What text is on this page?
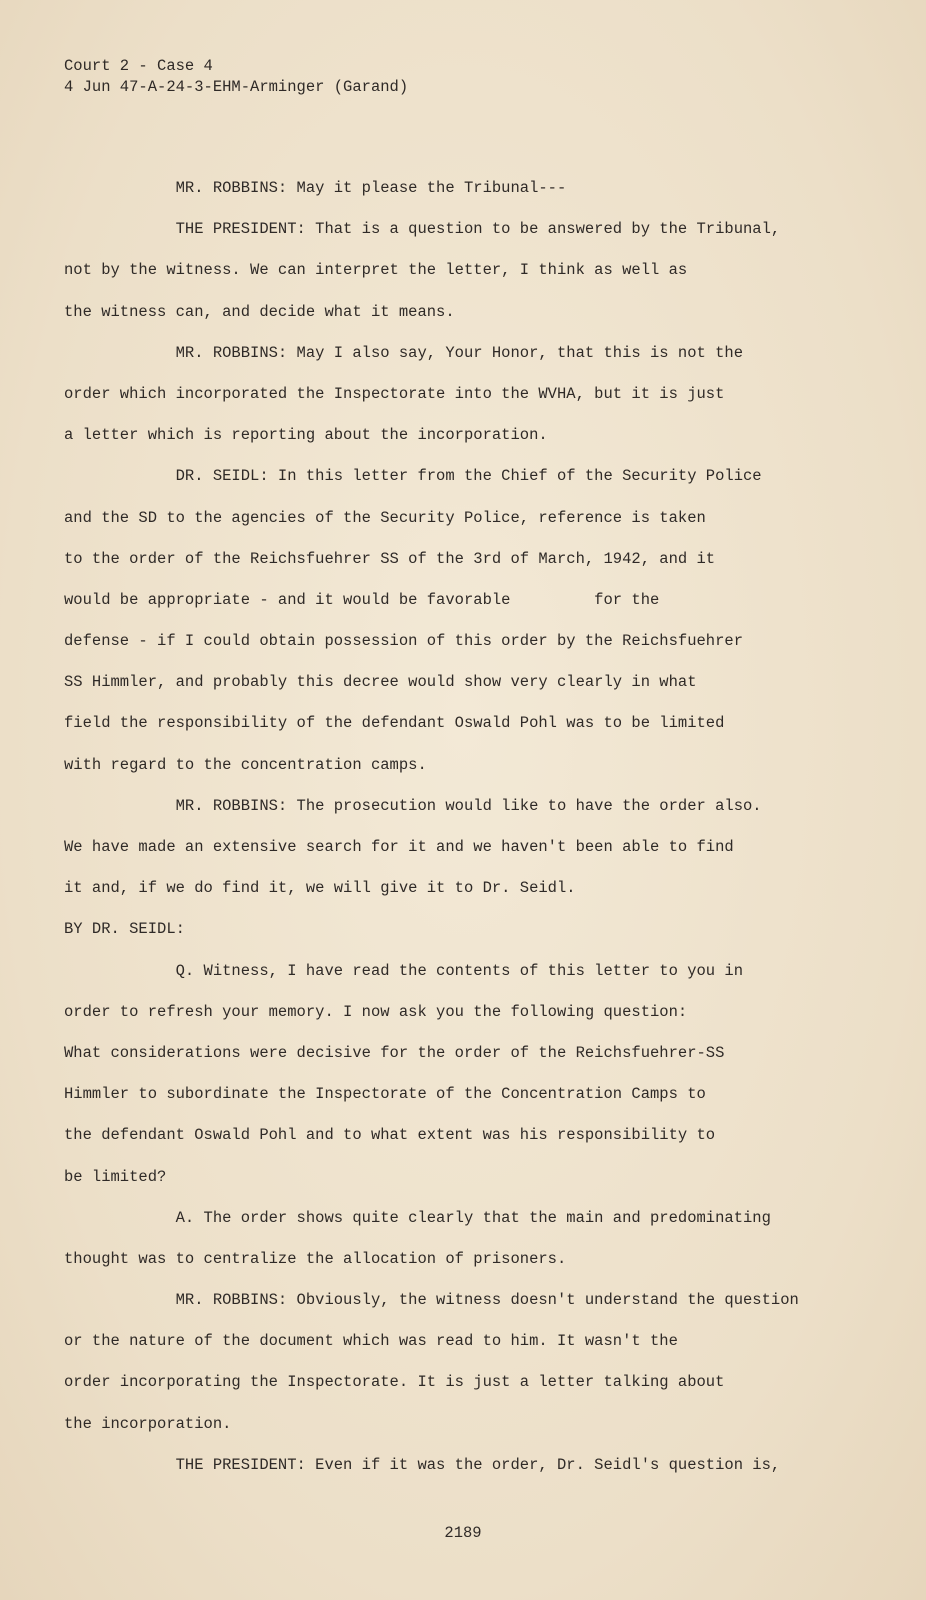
Court 2 - Case 4
4 Jun 47-A-24-3-EHM-Arminger (Garand)
MR. ROBBINS: May it please the Tribunal---
THE PRESIDENT: That is a question to be answered by the Tribunal,
not by the witness. We can interpret the letter, I think as well as
the witness can, and decide what it means.
MR. ROBBINS: May I also say, Your Honor, that this is not the
order which incorporated the Inspectorate into the WVHA, but it is just
a letter which is reporting about the incorporation.
DR. SEIDL: In this letter from the Chief of the Security Police
and the SD to the agencies of the Security Police, reference is taken
to the order of the Reichsfuehrer SS of the 3rd of March, 1942, and it
would be appropriate - and it would be favorable         for the
defense - if I could obtain possession of this order by the Reichsfuehrer
SS Himmler, and probably this decree would show very clearly in what
field the responsibility of the defendant Oswald Pohl was to be limited
with regard to the concentration camps.
MR. ROBBINS: The prosecution would like to have the order also.
We have made an extensive search for it and we haven't been able to find
it and, if we do find it, we will give it to Dr. Seidl.
BY DR. SEIDL:
Q. Witness, I have read the contents of this letter to you in
order to refresh your memory. I now ask you the following question:
What considerations were decisive for the order of the Reichsfuehrer-SS
Himmler to subordinate the Inspectorate of the Concentration Camps to
the defendant Oswald Pohl and to what extent was his responsibility to
be limited?
A. The order shows quite clearly that the main and predominating
thought was to centralize the allocation of prisoners.
MR. ROBBINS: Obviously, the witness doesn't understand the question
or the nature of the document which was read to him. It wasn't the
order incorporating the Inspectorate. It is just a letter talking about
the incorporation.
THE PRESIDENT: Even if it was the order, Dr. Seidl's question is,
2189
